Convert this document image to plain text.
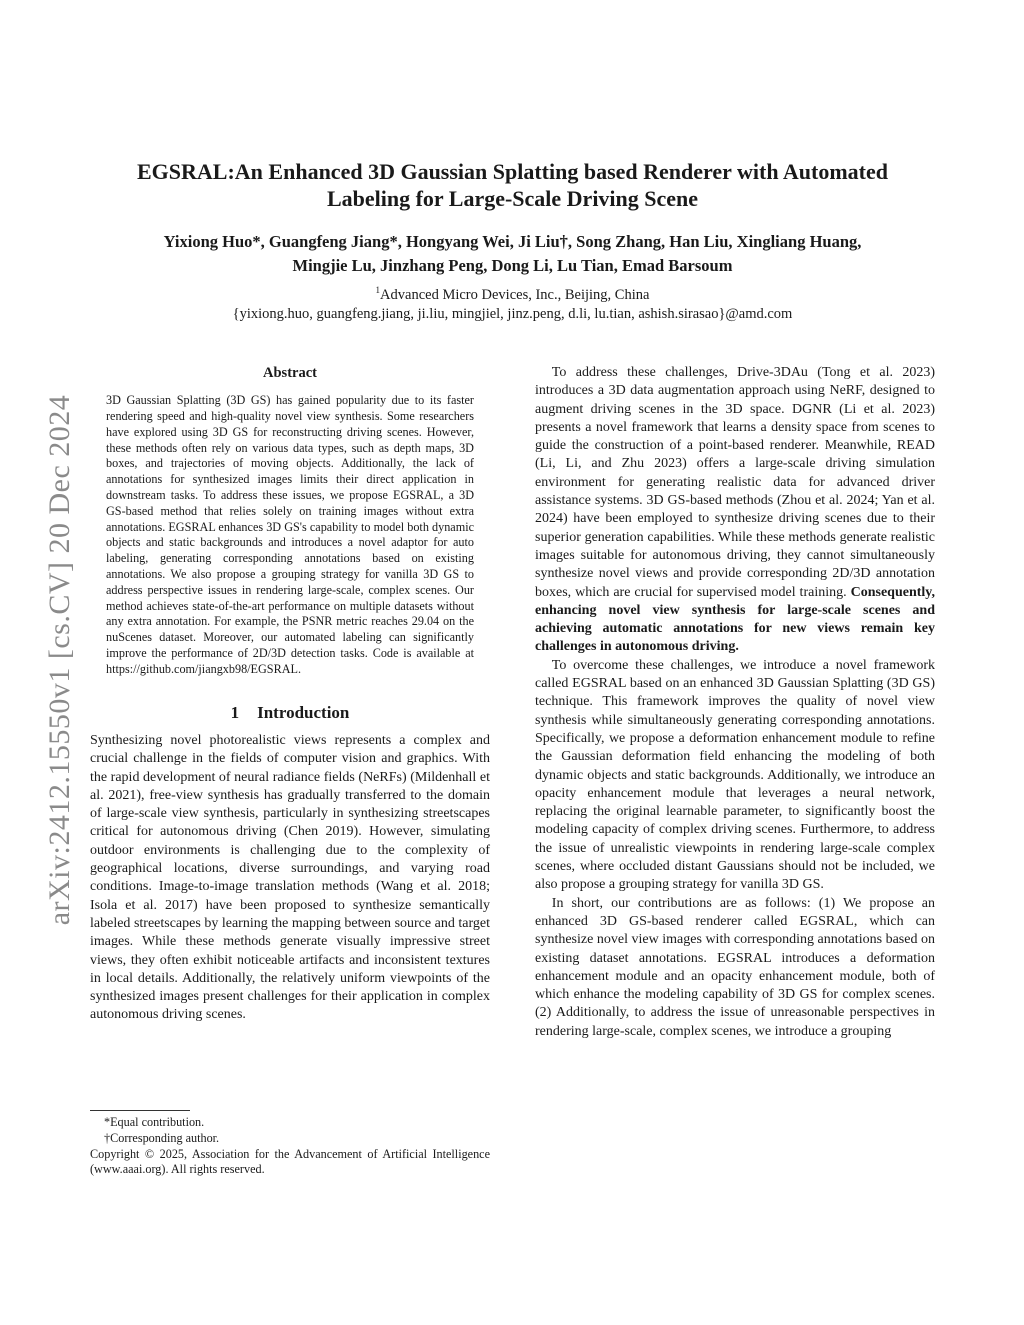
arXiv:2412.15550v1 [cs.CV] 20 Dec 2024
EGSRAL:An Enhanced 3D Gaussian Splatting based Renderer with Automated
Labeling for Large-Scale Driving Scene
Yixiong Huo*, Guangfeng Jiang*, Hongyang Wei, Ji Liu†, Song Zhang, Han Liu, Xingliang Huang,
Mingjie Lu, Jinzhang Peng, Dong Li, Lu Tian, Emad Barsoum
$^1$Advanced Micro Devices, Inc., Beijing, China
{yixiong.huo, guangfeng.jiang, ji.liu, mingjiel, jinz.peng, d.li, lu.tian, ashish.sirasao}@amd.com
Abstract
3D Gaussian Splatting (3D GS) has gained popularity due to its faster rendering speed and high-quality novel view synthesis. Some researchers have explored using 3D GS for reconstructing driving scenes. However, these methods often rely on various data types, such as depth maps, 3D boxes, and trajectories of moving objects. Additionally, the lack of annotations for synthesized images limits their direct application in downstream tasks. To address these issues, we propose EGSRAL, a 3D GS-based method that relies solely on training images without extra annotations. EGSRAL enhances 3D GS's capability to model both dynamic objects and static backgrounds and introduces a novel adaptor for auto labeling, generating corresponding annotations based on existing annotations. We also propose a grouping strategy for vanilla 3D GS to address perspective issues in rendering large-scale, complex scenes. Our method achieves state-of-the-art performance on multiple datasets without any extra annotation. For example, the PSNR metric reaches 29.04 on the nuScenes dataset. Moreover, our automated labeling can significantly improve the performance of 2D/3D detection tasks. Code is available at https://github.com/jiangxb98/EGSRAL.
1 Introduction

Synthesizing novel photorealistic views represents a complex and crucial challenge in the fields of computer vision and graphics. With the rapid development of neural radiance fields (NeRFs) (Mildenhall et al. 2021), free-view synthesis has gradually transferred to the domain of large-scale view synthesis, particularly in synthesizing streetscapes critical for autonomous driving (Chen 2019). However, simulating outdoor environments is challenging due to the complexity of geographical locations, diverse surroundings, and varying road conditions. Image-to-image translation methods (Wang et al. 2018; Isola et al. 2017) have been proposed to synthesize semantically labeled streetscapes by learning the mapping between source and target images. While these methods generate visually impressive street views, they often exhibit noticeable artifacts and inconsistent textures in local details. Additionally, the relatively uniform viewpoints of the synthesized images present challenges for their application in complex autonomous driving scenes.

*Equal contribution.
†Corresponding author.
Copyright © 2025, Association for the Advancement of Artificial Intelligence (www.aaai.org). All rights reserved.

To address these challenges, Drive-3DAu (Tong et al. 2023) introduces a 3D data augmentation approach using NeRF, designed to augment driving scenes in the 3D space. DGNR (Li et al. 2023) presents a novel framework that learns a density space from scenes to guide the construction of a point-based renderer. Meanwhile, READ (Li, Li, and Zhu 2023) offers a large-scale driving simulation environment for generating realistic data for advanced driver assistance systems. 3D GS-based methods (Zhou et al. 2024; Yan et al. 2024) have been employed to synthesize driving scenes due to their superior generation capabilities. While these methods generate realistic images suitable for autonomous driving, they cannot simultaneously synthesize novel views and provide corresponding 2D/3D annotation boxes, which are crucial for supervised model training. Consequently, enhancing novel view synthesis for large-scale scenes and achieving automatic annotations for new views remain key challenges in autonomous driving.

To overcome these challenges, we introduce a novel framework called EGSRAL based on an enhanced 3D Gaussian Splatting (3D GS) technique. This framework improves the quality of novel view synthesis while simultaneously generating corresponding annotations. Specifically, we propose a deformation enhancement module to refine the Gaussian deformation field enhancing the modeling of both dynamic objects and static backgrounds. Additionally, we introduce an opacity enhancement module that leverages a neural network, replacing the original learnable parameter, to significantly boost the modeling capacity of complex driving scenes. Furthermore, to address the issue of unrealistic viewpoints in rendering large-scale complex scenes, where occluded distant Gaussians should not be included, we also propose a grouping strategy for vanilla 3D GS.

In short, our contributions are as follows: (1) We propose an enhanced 3D GS-based renderer called EGSRAL, which can synthesize novel view images with corresponding annotations based on existing dataset annotations. EGSRAL introduces a deformation enhancement module and an opacity enhancement module, both of which enhance the modeling capability of 3D GS for complex scenes. (2) Additionally, to address the issue of unreasonable perspectives in rendering large-scale, complex scenes, we introduce a grouping
